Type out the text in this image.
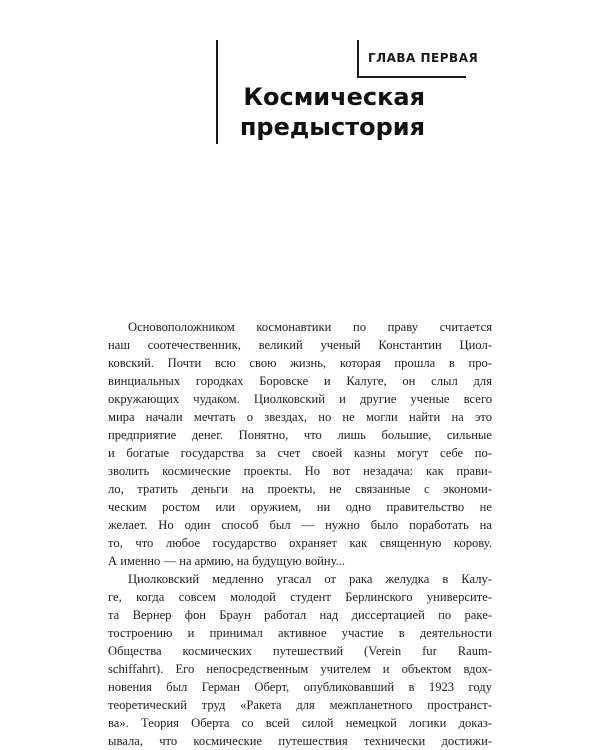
ГЛАВА ПЕРВАЯ
Космическая
предыстория

Основоположником космонавтики по праву считается
наш соотечественник, великий ученый Константин Циол-
ковский. Почти всю свою жизнь, которая прошла в про-
винциальных городках Боровске и Калуге, он слыл для
окружающих чудаком. Циолковский и другие ученые всего
мира начали мечтать о звездах, но не могли найти на это
предприятие денег. Понятно, что лишь большие, сильные
и богатые государства за счет своей казны могут себе по-
зволить космические проекты. Но вот незадача: как прави-
ло, тратить деньги на проекты, не связанные с экономи-
ческим ростом или оружием, ни одно правительство не
желает. Но один способ был — нужно было поработать на
то, что любое государство охраняет как священную корову.
А именно — на армию, на будущую войну...

Циолковский медленно угасал от рака желудка в Калу-
ге, когда совсем молодой студент Берлинского университе-
та Вернер фон Браун работал над диссертацией по раке-
тостроению и принимал активное участие в деятельности
Общества космических путешествий (Verein fur Raum-
schiffahrt). Его непосредственным учителем и объектом вдох-
новения был Герман Оберт, опубликовавший в 1923 году
теоретический труд «Ракета для межпланетного пространст-
ва». Теория Оберта со всей силой немецкой логики доказ-
ывала, что космические путешествия технически достижи-
